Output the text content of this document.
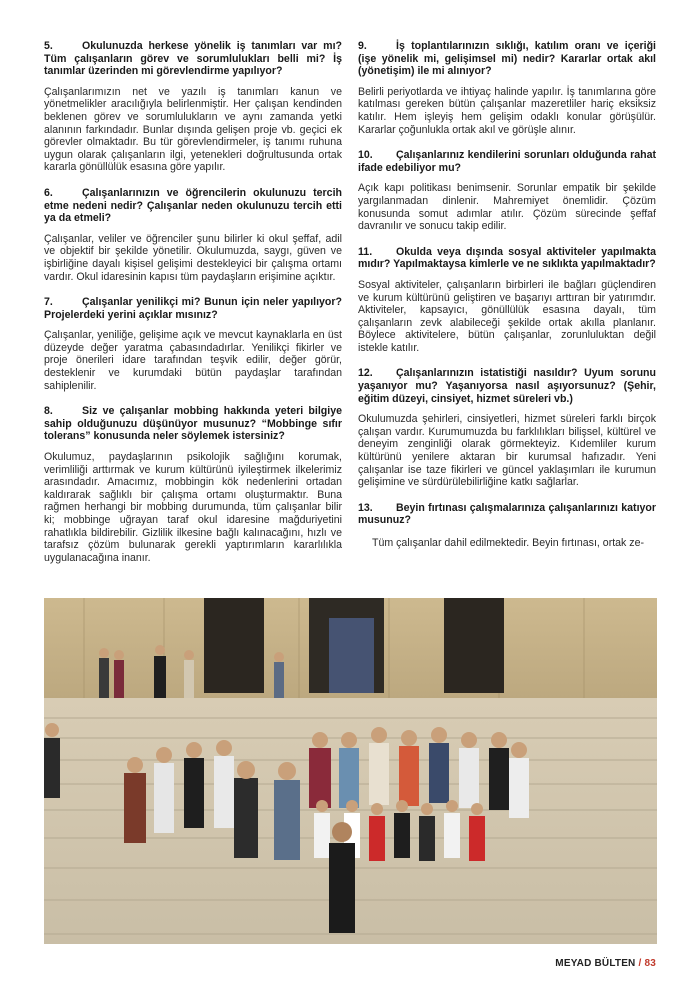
5.	Okulunuzda herkese yönelik iş tanımları var mı? Tüm çalışanların görev ve sorumlulukları belli mi? İş tanımlar üzerinden mi görevlendirme yapılıyor?

Çalışanlarımızın net ve yazılı iş tanımları kanun ve yönetmelikler aracılığıyla belirlenmiştir. Her çalışan kendinden beklenen görev ve sorumlulukların ve aynı zamanda yetki alanının farkındadır. Bunlar dışında gelişen proje vb. geçici ek görevler olmaktadır. Bu tür görevlendirmeler, iş tanımı ruhuna uygun olarak çalışanların ilgi, yetenekleri doğrultusunda ortak kararla gönüllülük esasına göre yapılır.

6.	Çalışanlarınızın ve öğrencilerin okulunuzu tercih etme nedeni nedir? Çalışanlar neden okulunuzu tercih etti ya da etmeli?

Çalışanlar, veliler ve öğrenciler şunu bilirler ki okul şeffaf, adil ve objektif bir şekilde yönetilir. Okulumuzda, saygı, güven ve işbirliğine dayalı kişisel gelişimi destekleyici bir çalışma ortamı vardır. Okul idaresinin kapısı tüm paydaşların erişimine açıktır.

7.	Çalışanlar yenilikçi mi? Bunun için neler yapılıyor? Projelerdeki yerini açıklar mısınız?

Çalışanlar, yeniliğe, gelişime açık ve mevcut kaynaklarla en üst düzeyde değer yaratma çabasındadırlar. Yenilikçi fikirler ve proje önerileri idare tarafından teşvik edilir, değer görür, desteklenir ve kurumdaki bütün paydaşlar tarafından sahiplenilir.

8.	Siz ve çalışanlar mobbing hakkında yeteri bilgiye sahip olduğunuzu düşünüyor musunuz? “Mobbinge sıfır tolerans” konusunda neler söylemek istersiniz?

Okulumuz, paydaşlarının psikolojik sağlığını korumak, verimliliği arttırmak ve kurum kültürünü iyileştirmek ilkelerimiz arasındadır. Amacımız, mobbingin kök nedenlerini ortadan kaldırarak sağlıklı bir çalışma ortamı oluşturmaktır. Buna rağmen herhangi bir mobbing durumunda, tüm çalışanlar bilir ki; mobbinge uğrayan taraf okul idaresine mağduriyetini rahatlıkla bildirebilir. Gizlilik ilkesine bağlı kalınacağını, hızlı ve tarafsız çözüm bulunarak gerekli yaptırımların kararlılıkla uygulanacağına inanır.

9.	İş toplantılarınızın sıklığı, katılım oranı ve içeriği (işe yönelik mi, gelişimsel mi) nedir? Kararlar ortak akıl (yönetişim) ile mi alınıyor?

Belirli periyotlarda ve ihtiyaç halinde yapılır. İş tanımlarına göre katılması gereken bütün çalışanlar mazeretliler hariç eksiksiz katılır. Hem işleyiş hem gelişim odaklı konular görüşülür. Kararlar çoğunlukla ortak akıl ve görüşle alınır.

10. Çalışanlarınız kendilerini sorunları olduğunda rahat ifade edebiliyor mu?

Açık kapı politikası benimsenir. Sorunlar empatik bir şekilde yargılanmadan dinlenir. Mahremiyet önemlidir. Çözüm konusunda somut adımlar atılır. Çözüm sürecinde şeffaf davranılır ve sonucu takip edilir.

11. Okulda veya dışında sosyal aktiviteler yapılmakta mıdır? Yapılmaktaysa kimlerle ve ne sıklıkta yapılmaktadır?

Sosyal aktiviteler, çalışanların birbirleri ile bağları güçlendiren ve kurum kültürünü geliştiren ve başarıyı arttıran bir yatırımdır. Aktiviteler, kapsayıcı, gönüllülük esasına dayalı, tüm çalışanların zevk alabileceği şekilde ortak akılla planlanır. Böylece aktivitelere, bütün çalışanlar, zorunluluktan değil istekle katılır.

12. Çalışanlarınızın istatistiği nasıldır? Uyum sorunu yaşanıyor mu? Yaşanıyorsa nasıl aşıyorsunuz? (Şehir, eğitim düzeyi, cinsiyet, hizmet süreleri vb.)

Okulumuzda şehirleri, cinsiyetleri, hizmet süreleri farklı birçok çalışan vardır. Kurumumuzda bu farklılıkları bilişsel, kültürel ve deneyim zenginliği olarak görmekteyiz. Kıdemliler kurum kültürünü yenilere aktaran bir kurumsal hafızadır. Yeni çalışanlar ise taze fikirleri ve güncel yaklaşımları ile kurumun gelişimine ve sürdürülebilirliğine katkı sağlarlar.

13. Beyin fırtınası çalışmalarınıza çalışanlarınızı katıyor musunuz?

Tüm çalışanlar dahil edilmektedir. Beyin fırtınası, ortak ze-

MEYAD BÜLTEN / 83
